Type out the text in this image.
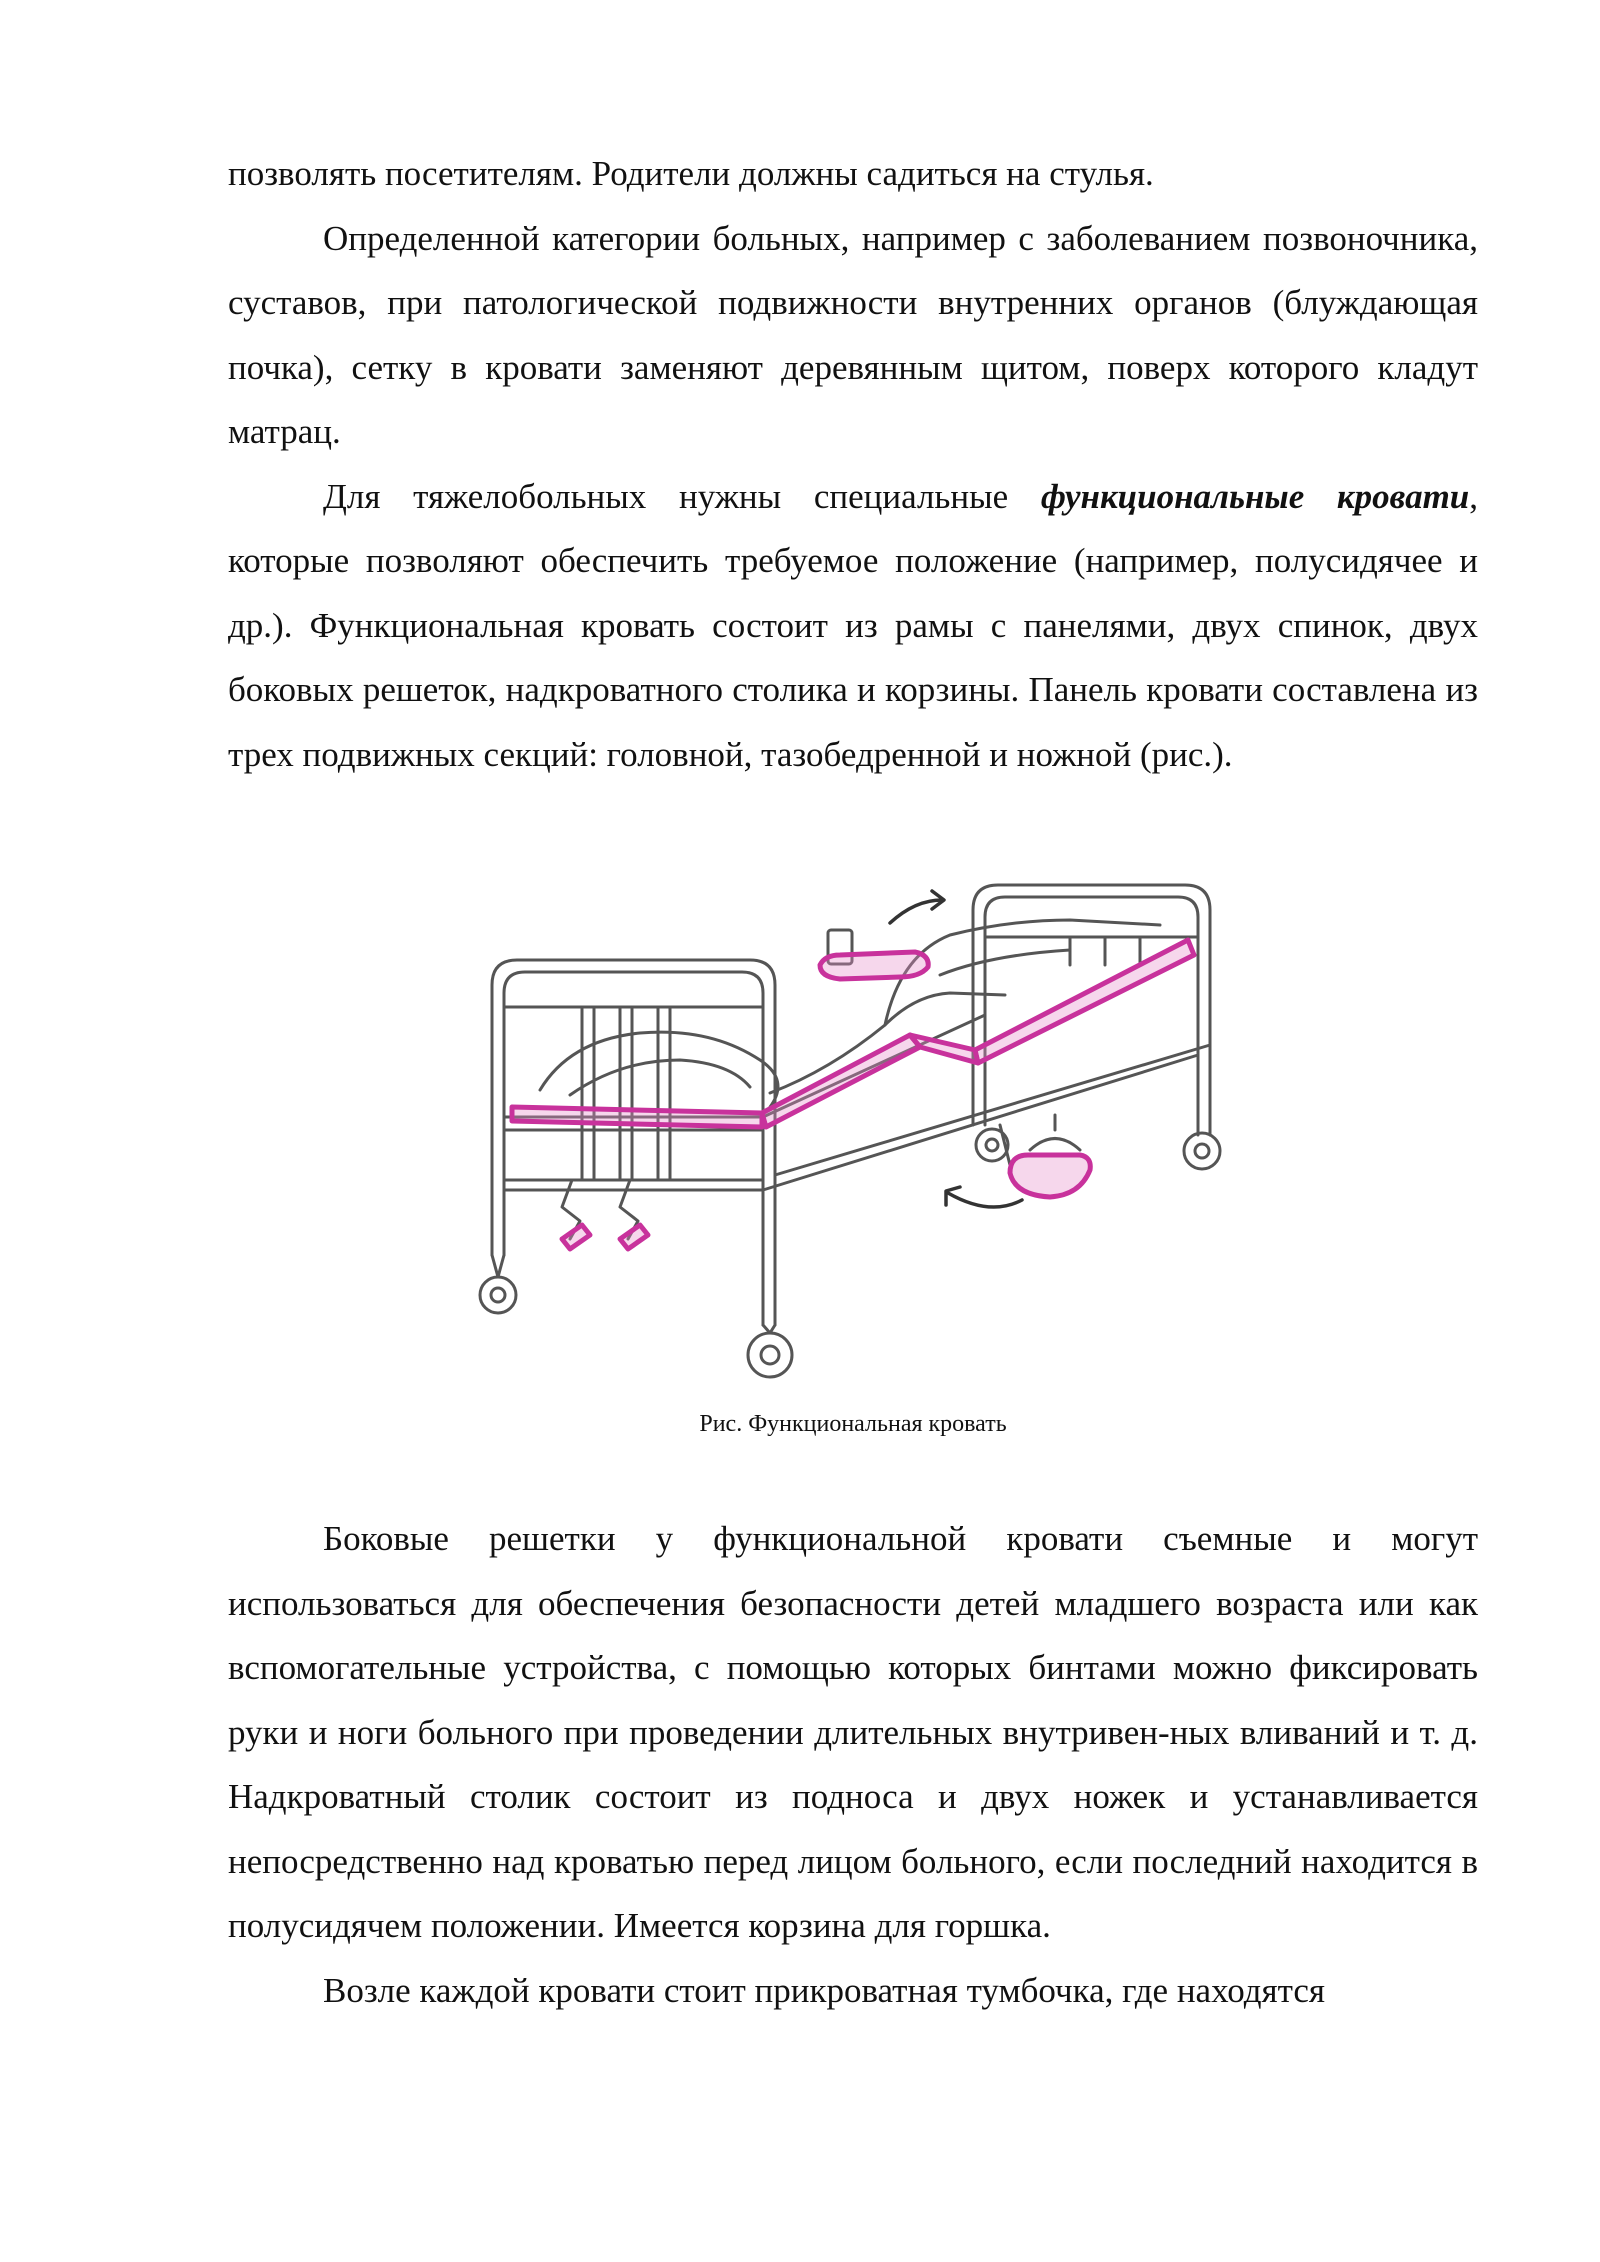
позволять посетителям. Родители должны садиться на стулья.

Определенной категории больных, например с заболеванием позвоночника, суставов, при патологической подвижности внутренних органов (блуждающая почка), сетку в кровати заменяют деревянным щитом, поверх которого кладут матрац.

Для тяжелобольных нужны специальные функциональные кровати, которые позволяют обеспечить требуемое положение (например, полусидячее и др.). Функциональная кровать состоит из рамы с панелями, двух спинок, двух боковых решеток, надкроватного столика и корзины. Панель кровати составлена из трех подвижных секций: головной, тазобедренной и ножной (рис.).

Рис. Функциональная кровать

Боковые решетки у функциональной кровати съемные и могут использоваться для обеспечения безопасности детей младшего возраста или как вспомогательные устройства, с помощью которых бинтами можно фиксировать руки и ноги больного при проведении длительных внутривен-ных вливаний и т. д. Надкроватный столик состоит из подноса и двух ножек и устанавливается непосредственно над кроватью перед лицом больного, если последний находится в полусидячем положении. Имеется корзина для горшка.

Возле каждой кровати стоит прикроватная тумбочка, где находятся
